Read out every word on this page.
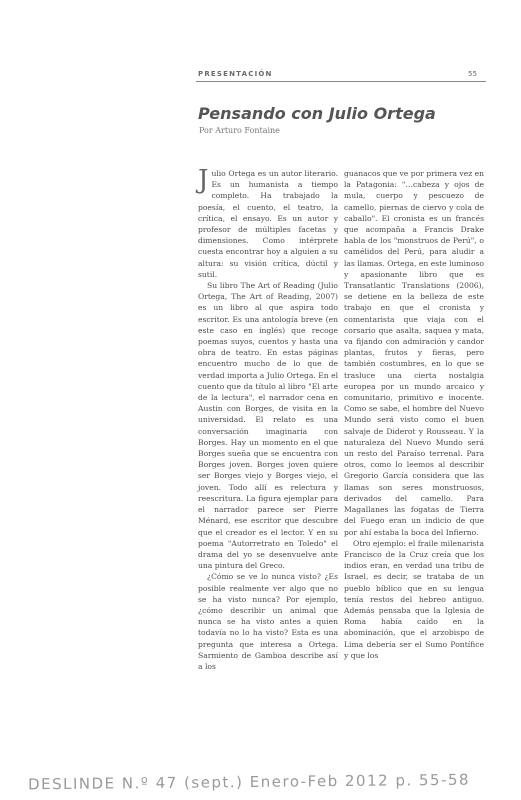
PRESENTACIÓN	55
Pensando con Julio Ortega
Por Arturo Fontaine

Julio Ortega es un autor literario. Es un humanista a tiempo completo. Ha trabajado la poesía, el cuento, el teatro, la crítica, el ensayo. Es un autor y profesor de múltiples facetas y dimensiones. Como intérprete cuesta encontrar hoy a alguien a su altura: su visión crítica, dúctil y sutil.

Su libro The Art of Reading (Julio Ortega, The Art of Reading, 2007) es un libro al que aspira todo escritor. Es una antología breve (en este caso en inglés) que recoge poemas suyos, cuentos y hasta una obra de teatro. En estas páginas encuentro mucho de lo que de verdad importa a Julio Ortega. En el cuento que da título al libro "El arte de la lectura", el narrador cena en Austin con Borges, de visita en la universidad. El relato es una conversación imaginaria con Borges. Hay un momento en el que Borges sueña que se encuentra con Borges joven. Borges joven quiere ser Borges viejo y Borges viejo, el joven. Todo allí es relectura y reescritura. La figura ejemplar para el narrador parece ser Pierre Ménard, ese escritor que descubre que el creador es el lector. Y en su poema "Autorretrato en Toledo" el drama del yo se desenvuelve ante una pintura del Greco.

¿Cómo se ve lo nunca visto? ¿Es posible realmente ver algo que no se ha visto nunca? Por ejemplo, ¿cómo describir un animal que nunca se ha visto antes a quien todavía no lo ha visto? Esta es una pregunta que interesa a Ortega. Sarmiento de Gamboa describe así a los

guanacos que ve por primera vez en la Patagonia: "…cabeza y ojos de mula, cuerpo y pescuezo de camello, piernas de ciervo y cola de caballo". El cronista es un francés que acompaña a Francis Drake habla de los "monstruos de Perú", o camélidos del Perú, para aludir a las llamas. Ortega, en este luminoso y apasionante libro que es Transatlantic Translations (2006), se detiene en la belleza de este trabajo en que el cronista y comentarista que viaja con el corsario que asalta, saquea y mata, va fijando con admiración y candor plantas, frutos y fieras, pero también costumbres, en lo que se trasluce una cierta nostalgia europea por un mundo arcaico y comunitario, primitivo e inocente. Como se sabe, el hombre del Nuevo Mundo será visto como el buen salvaje de Diderot y Rousseau. Y la naturaleza del Nuevo Mundo será un resto del Paraíso terrenal. Para otros, como lo leemos al describir Gregorio García considera que las llamas son seres monstruosos, derivados del camello. Para Magallanes las fogatas de Tierra del Fuego eran un indicio de que por ahí estaba la boca del Infierno.

Otro ejemplo: el fraile milenarista Francisco de la Cruz creía que los indios eran, en verdad una tribu de Israel, es decir, se trataba de un pueblo bíblico que en su lengua tenía restos del hebreo antiguo. Además pensaba que la Iglesia de Roma había caído en la abominación, que el arzobispo de Lima debería ser el Sumo Pontífice y que los

DESLINDE N.º 47 (sept.) Enero-Feb 2012 p. 55-58
